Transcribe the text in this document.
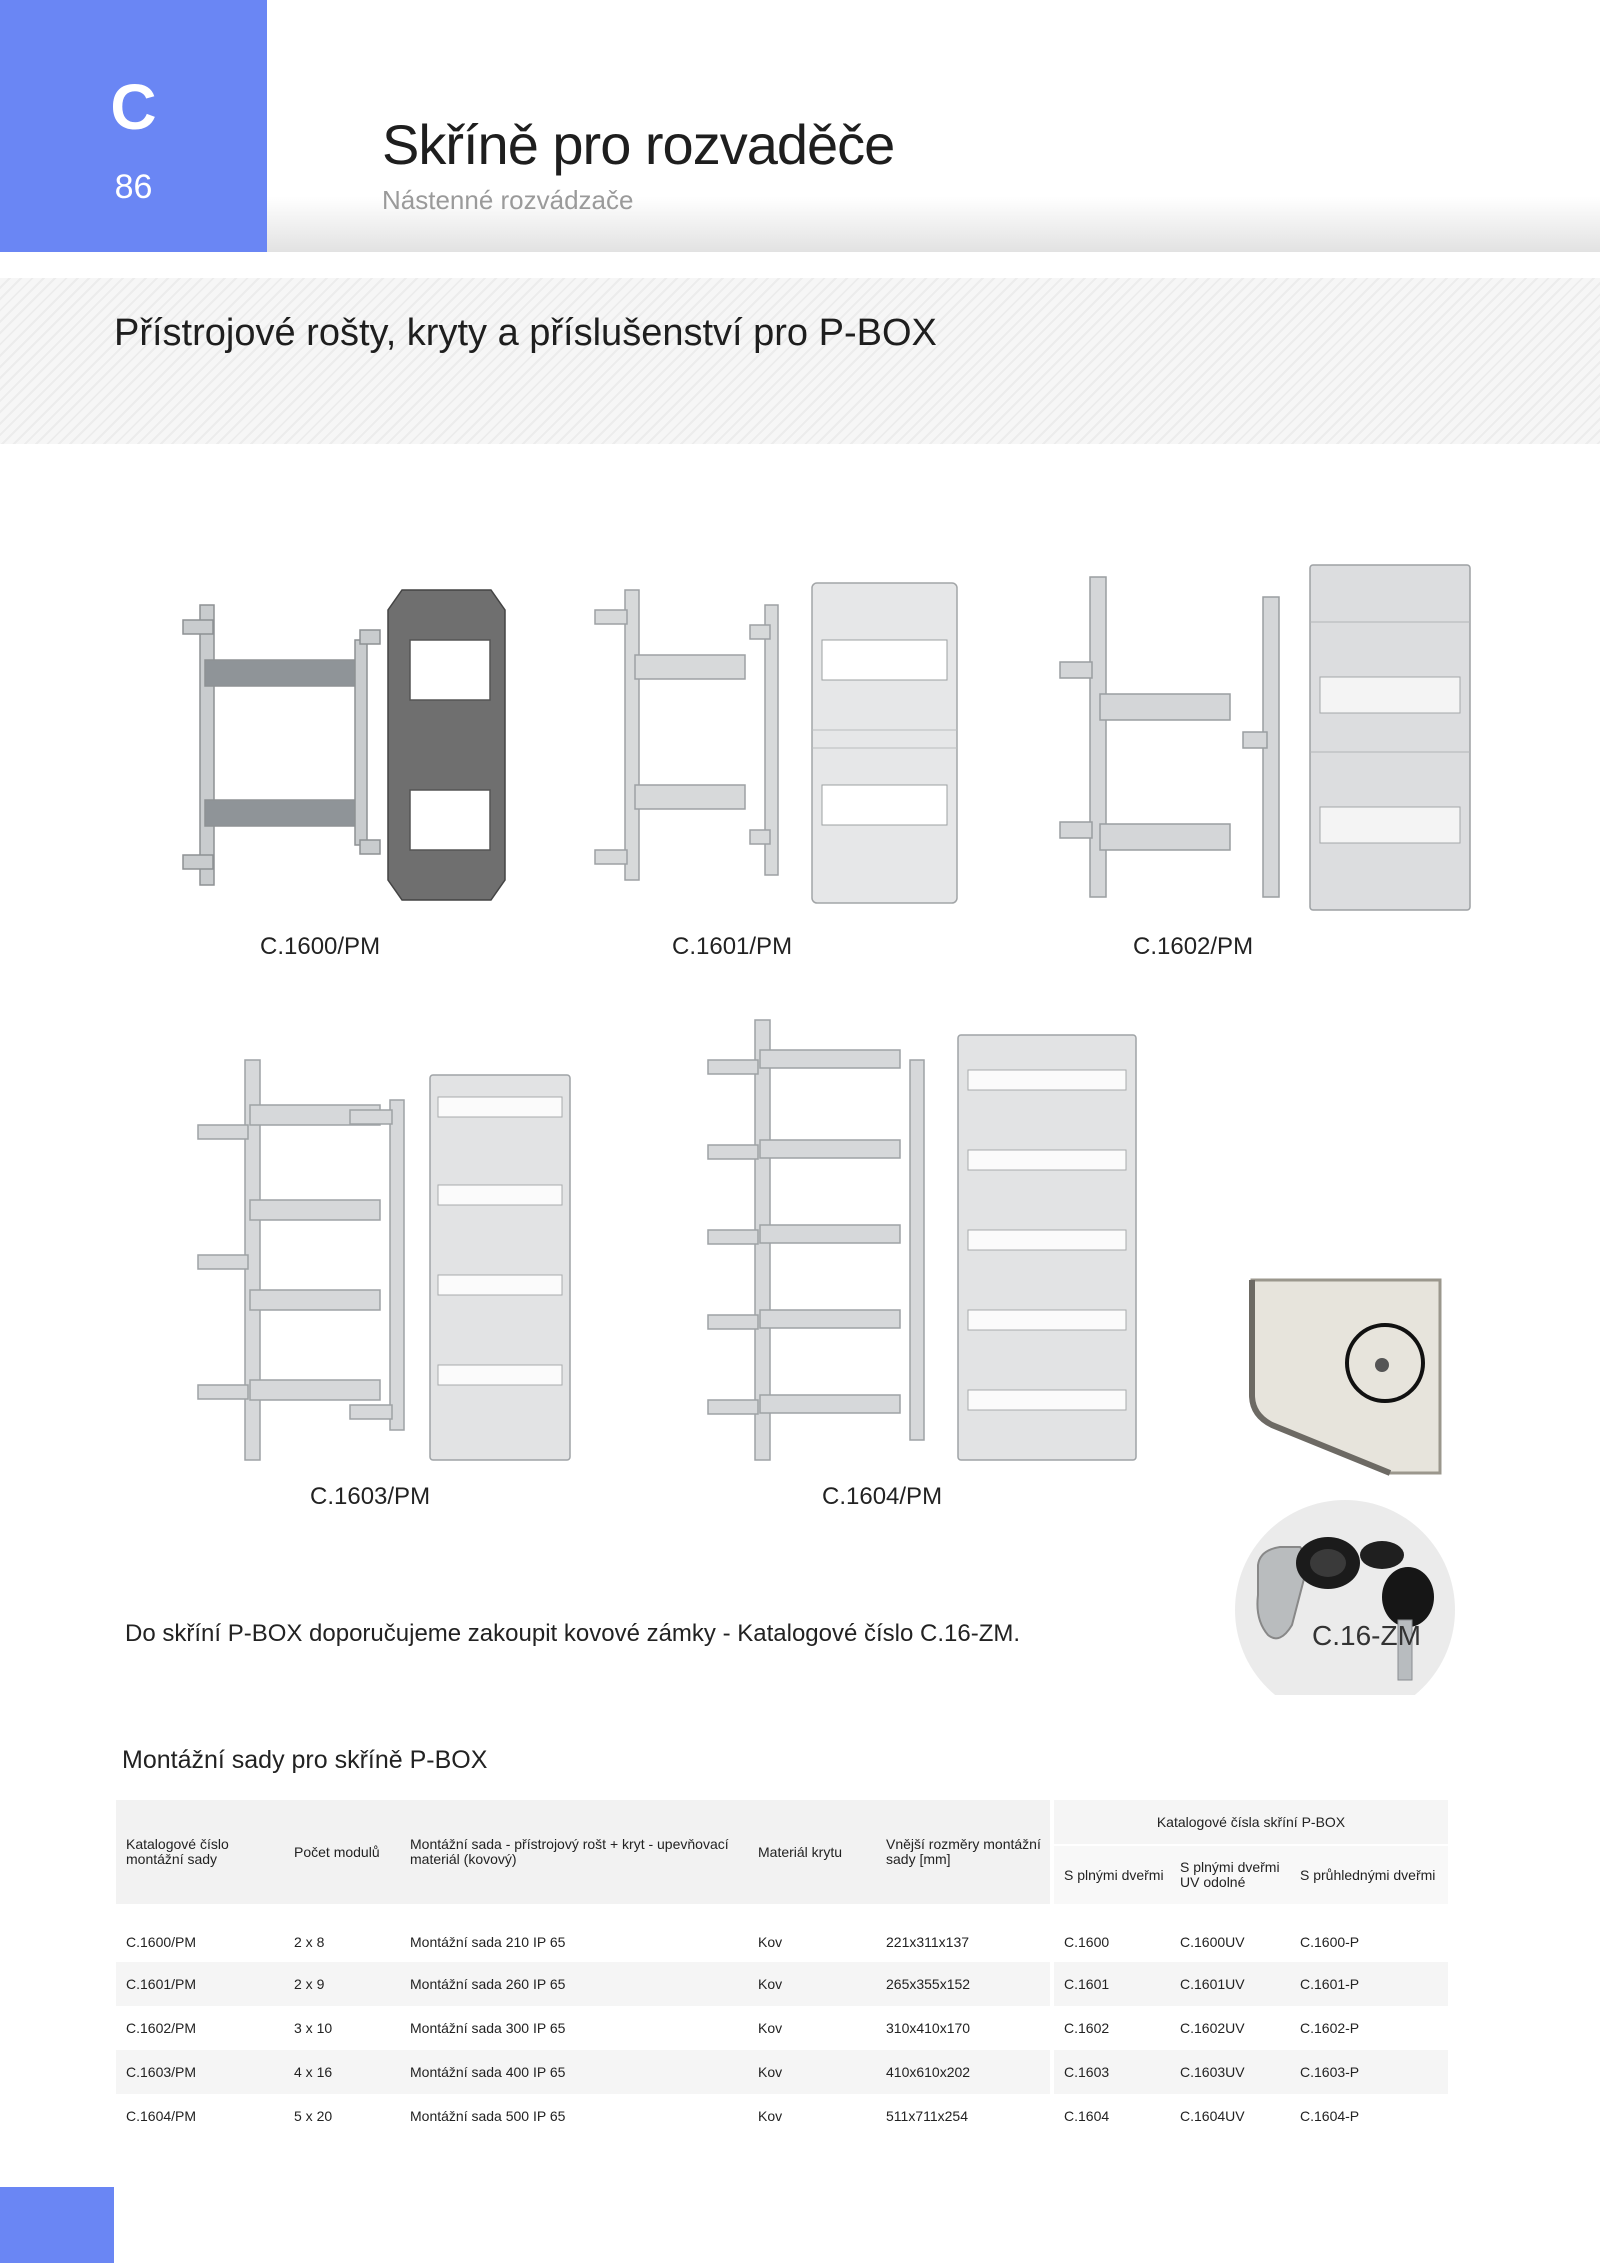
C
86
Skříně pro rozvaděče
Nástenné rozvádzače
Přístrojové rošty, kryty a příslušenství pro P-BOX
C.1600/PM	C.1601/PM	C.1602/PM
C.1603/PM	C.1604/PM
C.16-ZM
Do skříní P-BOX doporučujeme zakoupit kovové zámky - Katalogové číslo C.16-ZM.
Montážní sady pro skříně P-BOX
Katalogové číslo montážní sady	Počet modulů	Montážní sada - přístrojový rošt + kryt - upevňovací materiál (kovový)	Materiál krytu	Vnější rozměry montážní sady [mm]	Katalogové čísla skříní P-BOX		
					S plnými dveřmi	S plnými dveřmi UV odolné	S průhlednými dveřmi
C.1600/PM	2 x 8	Montážní sada 210 IP 65	Kov	221x311x137	C.1600	C.1600UV	C.1600-P
C.1601/PM	2 x 9	Montážní sada 260 IP 65	Kov	265x355x152	C.1601	C.1601UV	C.1601-P
C.1602/PM	3 x 10	Montážní sada 300 IP 65	Kov	310x410x170	C.1602	C.1602UV	C.1602-P
C.1603/PM	4 x 16	Montážní sada 400 IP 65	Kov	410x610x202	C.1603	C.1603UV	C.1603-P
C.1604/PM	5 x 20	Montážní sada 500 IP 65	Kov	511x711x254	C.1604	C.1604UV	C.1604-P
